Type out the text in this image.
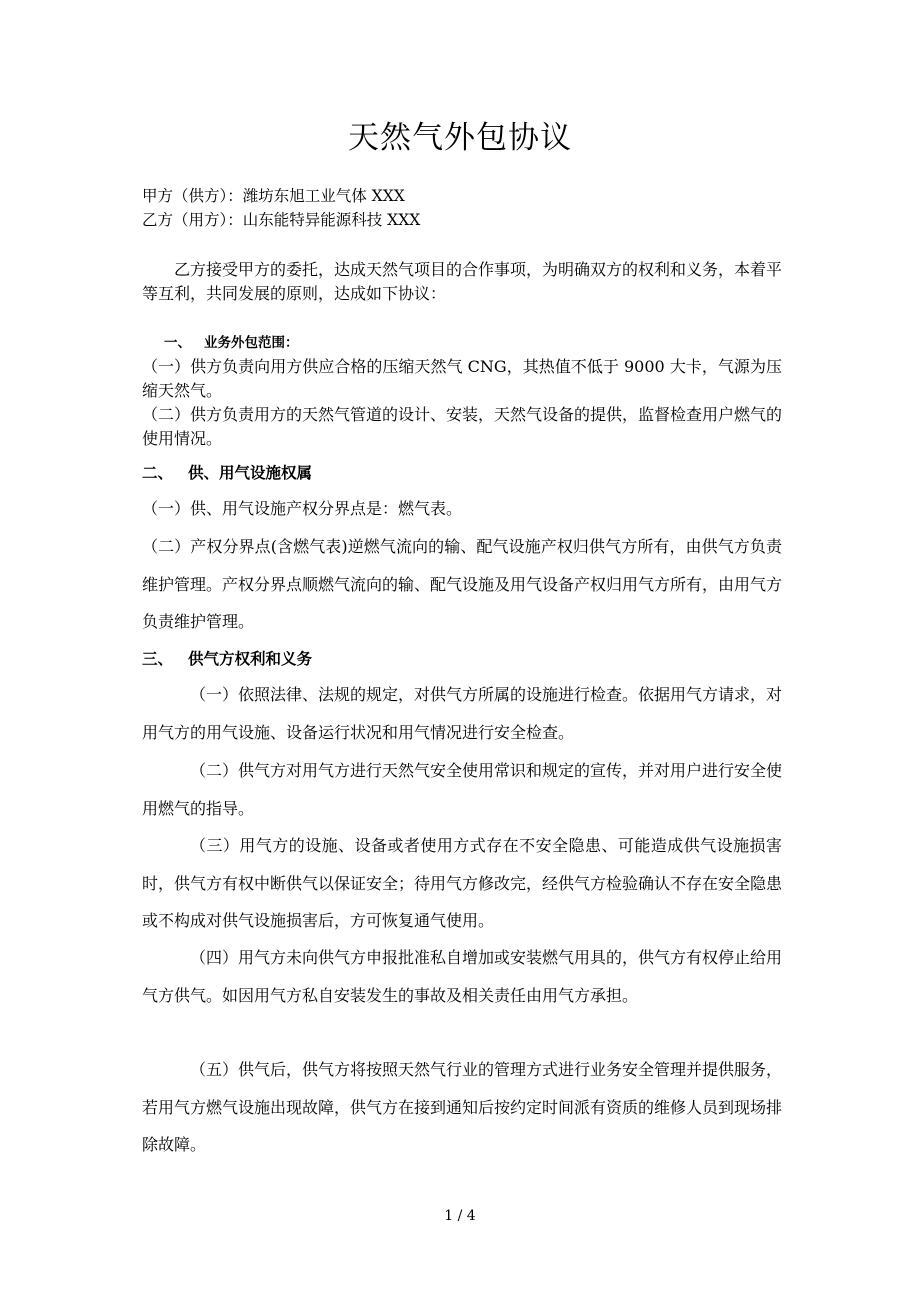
天然气外包协议
甲方（供方）：潍坊东旭工业气体 XXX
乙方（用方）：山东能特异能源科技 XXX
乙方接受甲方的委托，达成天然气项目的合作事项，为明确双方的权利和义务，本着平等互利，共同发展的原则，达成如下协议：
一、 业务外包范围：
（一）供方负责向用方供应合格的压缩天然气 CNG，其热值不低于 9000 大卡，气源为压缩天然气。
（二）供方负责用方的天然气管道的设计、安装，天然气设备的提供，监督检查用户燃气的使用情况。
二、 供、用气设施权属
（一）供、用气设施产权分界点是：燃气表。
（二）产权分界点(含燃气表)逆燃气流向的输、配气设施产权归供气方所有，由供气方负责维护管理。产权分界点顺燃气流向的输、配气设施及用气设备产权归用气方所有，由用气方负责维护管理。
三、 供气方权利和义务
（一）依照法律、法规的规定，对供气方所属的设施进行检查。依据用气方请求，对用气方的用气设施、设备运行状况和用气情况进行安全检查。
（二）供气方对用气方进行天然气安全使用常识和规定的宣传，并对用户进行安全使用燃气的指导。
（三）用气方的设施、设备或者使用方式存在不安全隐患、可能造成供气设施损害时，供气方有权中断供气以保证安全；待用气方修改完，经供气方检验确认不存在安全隐患或不构成对供气设施损害后，方可恢复通气使用。
（四）用气方未向供气方申报批准私自增加或安装燃气用具的，供气方有权停止给用气方供气。如因用气方私自安装发生的事故及相关责任由用气方承担。
（五）供气后，供气方将按照天然气行业的管理方式进行业务安全管理并提供服务，若用气方燃气设施出现故障，供气方在接到通知后按约定时间派有资质的维修人员到现场排除故障。
1 / 4
